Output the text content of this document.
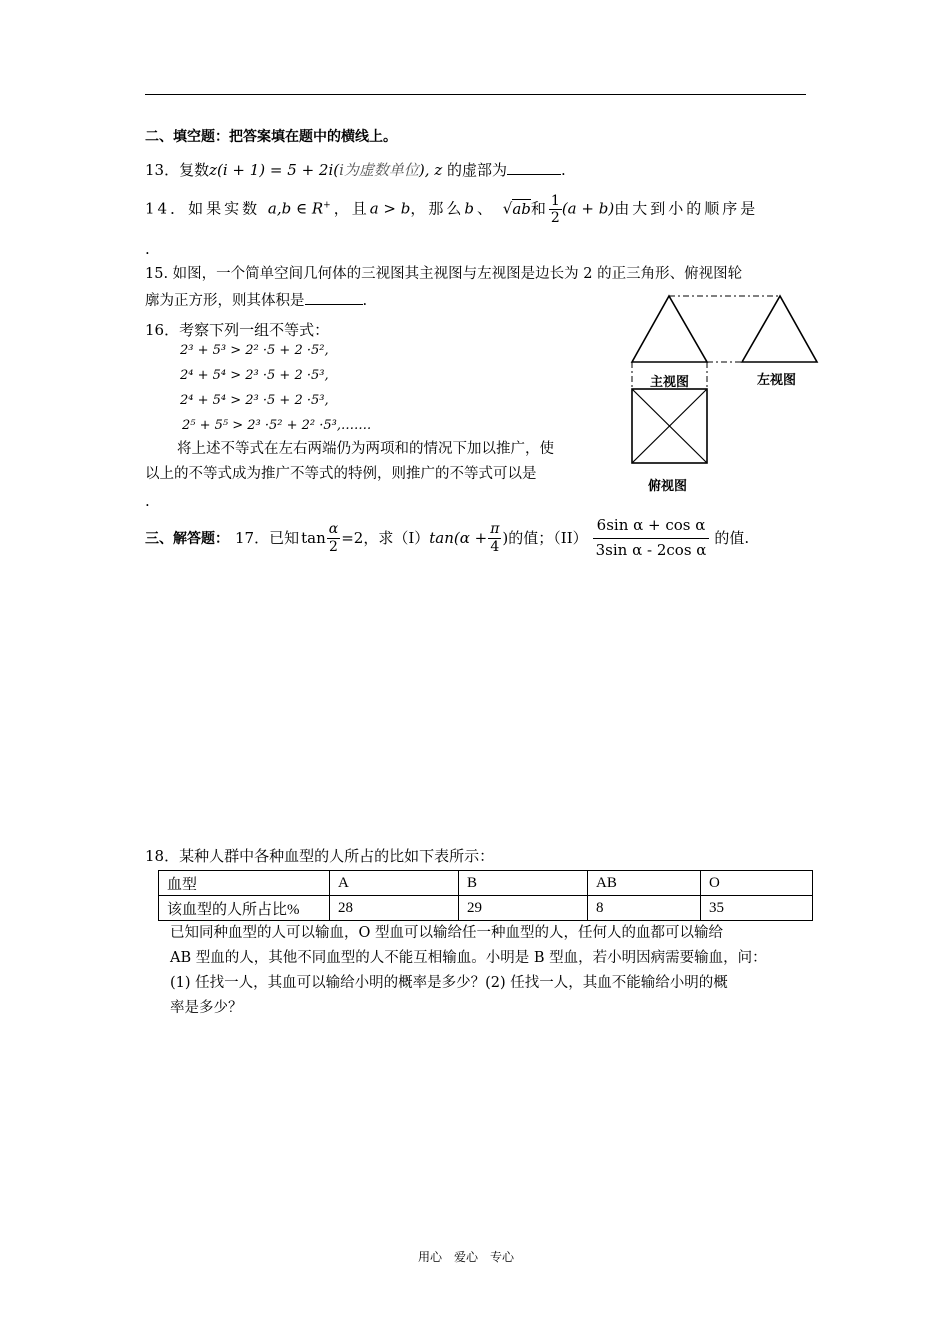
二、填空题：把答案填在题中的横线上。
13．复数z(i + 1) = 5 + 2i(i为虚数单位), z 的虚部为	.
14．如果实数 a,b ∈ R+，且a > b，那么b、 √ab和 $\frac{1}{2} (a + b)$由大到小的顺序是
.
15. 如图，一个简单空间几何体的三视图其主视图与左视图是边长为 2 的正三角形、俯视图轮
廓为正方形，则其体积是	.
16．考察下列一组不等式：
2³ + 5³ > 2² ·5 + 2 ·5²,
2⁴ + 5⁴ > 2³ ·5 + 2 ·5³,
2⁴ + 5⁴ > 2³ ·5 + 2 ·5³,
2⁵ + 5⁵ > 2³ ·5² + 2² ·5³,…….
将上述不等式在左右两端仍为两项和的情况下加以推广，使
以上的不等式成为推广不等式的特例，则推广的不等式可以是
.
主视图	左视图
俯视图
三、解答题： 17． 已知 $\tan \frac{\alpha}{2} =2$，求（I） $\tan(\alpha + \frac{\pi}{4}$ ) 的值；$(II) \frac{\text{6sin α + cos α}}{\text{3sin α - 2cos α}}$ 的值.
18．某种人群中各种血型的人所占的比如下表所示：
血型	A	B	AB	O
该血型的人所占比%	28	29	8	35
已知同种血型的人可以输血，O 型血可以输给任一种血型的人，任何人的血都可以输给
AB 型血的人，其他不同血型的人不能互相输血。小明是 B 型血，若小明因病需要输血，问：
(1) 任找一人，其血可以输给小明的概率是多少？(2) 任找一人，其血不能输给小明的概
率是多少？
用心　爱心　专心
